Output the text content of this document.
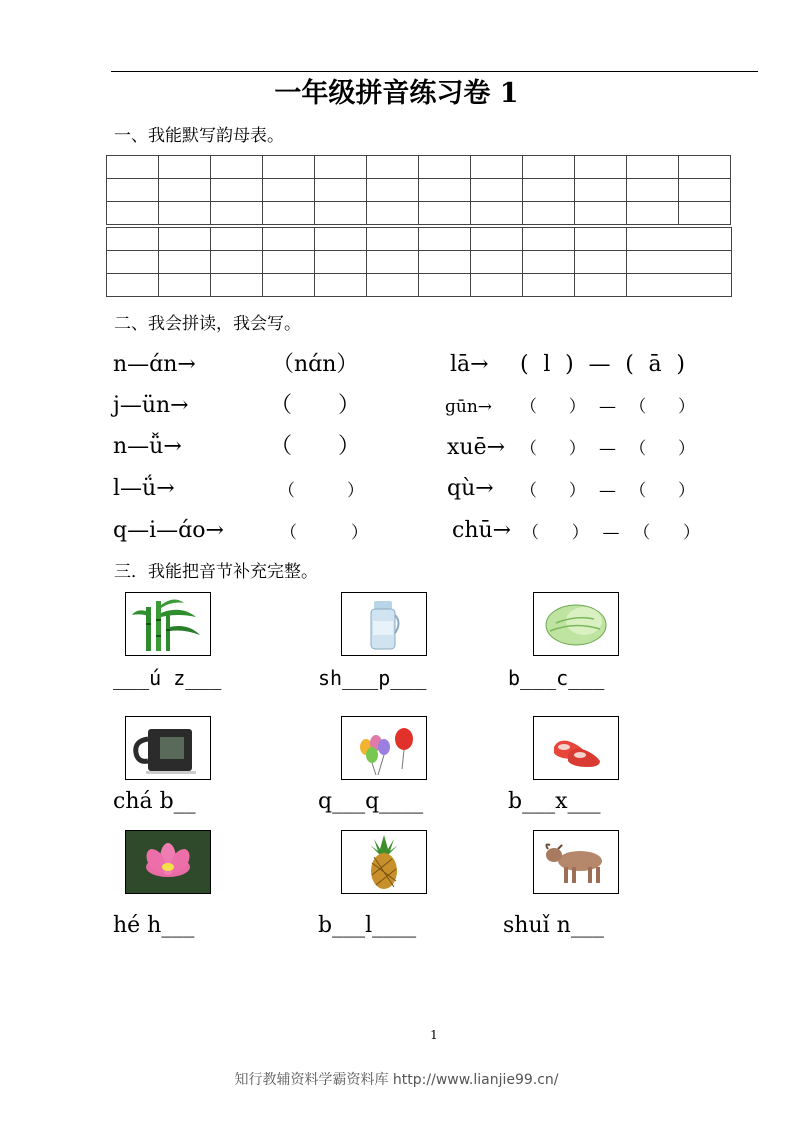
一年级拼音练习卷 1
一、我能默写韵母表。

二、我会拼读，我会写。
n—ɑ́n→	（nɑ́n）
j—ün→	（ ）
n—ǚ→	（ ）
l—ǘ→	（ ）
q—i—ɑ́o→	（ ）
lā→ ( l ) — ( ā )
ɡūn→ （ ）—（ ）
xuē→ （ ）—（ ）
qù→ （ ）—（ ）
chū→ （ ）—（ ）
三．我能把音节补充完整。
___ú z___	sh___p___	b___c___
chá b__	q___q____	b___x___
hé h___	b___l____	shuǐ n___
1
知行教辅资料学霸资料库 http://www.lianjie99.cn/
